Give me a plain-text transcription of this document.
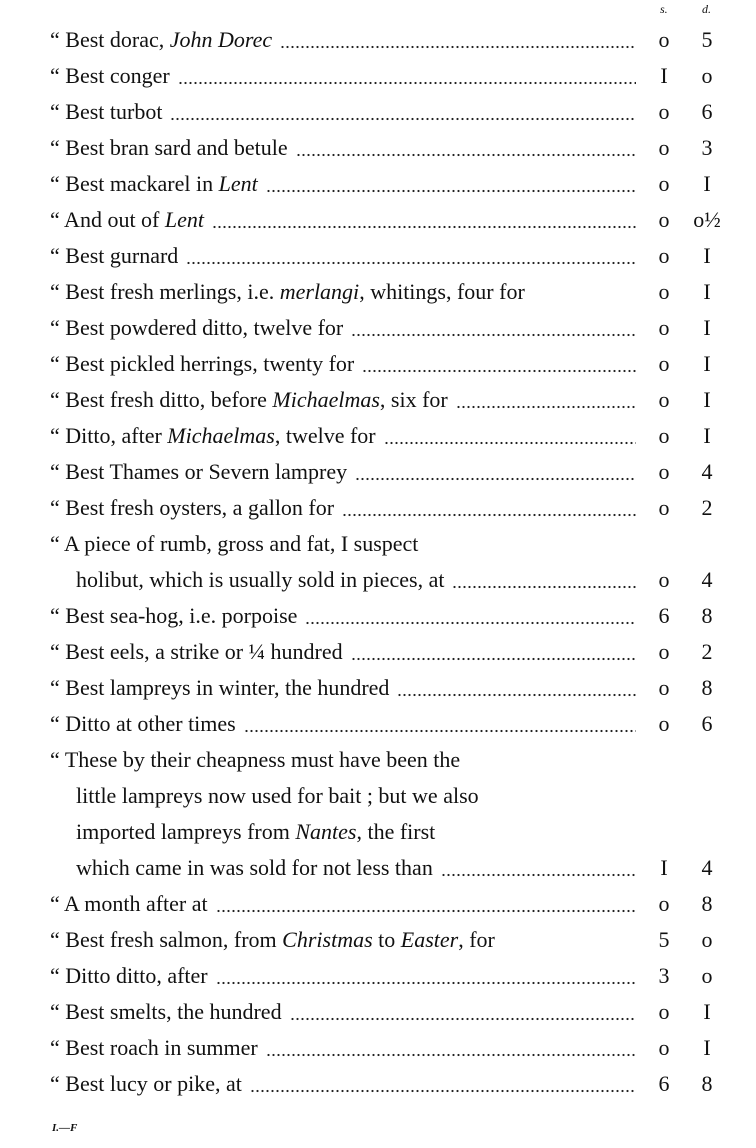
s.	d.
“ Best dorac, John Dorec	o	5
“ Best conger	I	o
“ Best turbot	o	6
“ Best bran sard and betule	o	3
“ Best mackarel in Lent	o	I
“ And out of Lent	o	o½
“ Best gurnard	o	I
“ Best fresh merlings, i.e. merlangi , whitings, four for	o	I
“ Best powdered ditto, twelve for	o	I
“ Best pickled herrings, twenty for	o	I
“ Best fresh ditto, before Michaelmas , six for	o	I
“ Ditto, after Michaelmas , twelve for	o	I
“ Best Thames or Severn lamprey	o	4
“ Best fresh oysters, a gallon for	o	2
“ A piece of rumb, gross and fat, I suspect
holibut, which is usually sold in pieces, at	o	4
“ Best sea-hog, i.e. porpoise	6	8
“ Best eels, a strike or ¼ hundred	o	2
“ Best lampreys in winter, the hundred	o	8
“ Ditto at other times	o	6
“ These by their cheapness must have been the
little lampreys now used for bait ; but we also
imported lampreys from Nantes , the first
which came in was sold for not less than	I	4
“ A month after at	o	8
“ Best fresh salmon, from Christmas to Easter , for	5	o
“ Ditto ditto, after	3	o
“ Best smelts, the hundred	o	I
“ Best roach in summer	o	I
“ Best lucy or pike, at	6	8
I.—F
